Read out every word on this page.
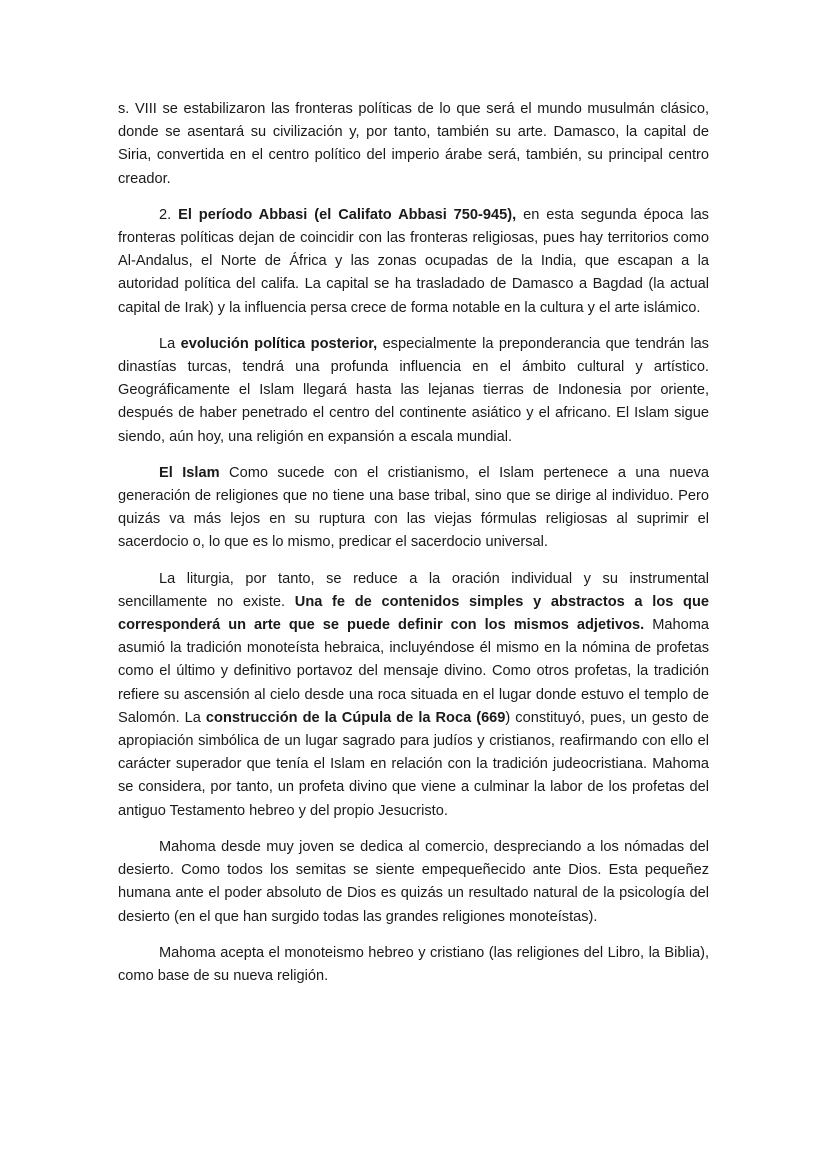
s. VIII se estabilizaron las fronteras políticas de lo que será el mundo musulmán clásico, donde se asentará su civilización y, por tanto, también su arte. Damasco, la capital de Siria, convertida en el centro político del imperio árabe será, también, su principal centro creador.

2. El período Abbasi (el Califato Abbasi 750-945), en esta segunda época las fronteras políticas dejan de coincidir con las fronteras religiosas, pues hay territorios como Al-Andalus, el Norte de África y las zonas ocupadas de la India, que escapan a la autoridad política del califa. La capital se ha trasladado de Damasco a Bagdad (la actual capital de Irak) y la influencia persa crece de forma notable en la cultura y el arte islámico.

La evolución política posterior, especialmente la preponderancia que tendrán las dinastías turcas, tendrá una profunda influencia en el ámbito cultural y artístico. Geográficamente el Islam llegará hasta las lejanas tierras de Indonesia por oriente, después de haber penetrado el centro del continente asiático y el africano. El Islam sigue siendo, aún hoy, una religión en expansión a escala mundial.

El Islam Como sucede con el cristianismo, el Islam pertenece a una nueva generación de religiones que no tiene una base tribal, sino que se dirige al individuo. Pero quizás va más lejos en su ruptura con las viejas fórmulas religiosas al suprimir el sacerdocio o, lo que es lo mismo, predicar el sacerdocio universal.

La liturgia, por tanto, se reduce a la oración individual y su instrumental sencillamente no existe. Una fe de contenidos simples y abstractos a los que corresponderá un arte que se puede definir con los mismos adjetivos. Mahoma asumió la tradición monoteísta hebraica, incluyéndose él mismo en la nómina de profetas como el último y definitivo portavoz del mensaje divino. Como otros profetas, la tradición refiere su ascensión al cielo desde una roca situada en el lugar donde estuvo el templo de Salomón. La construcción de la Cúpula de la Roca (669) constituyó, pues, un gesto de apropiación simbólica de un lugar sagrado para judíos y cristianos, reafirmando con ello el carácter superador que tenía el Islam en relación con la tradición judeocristiana. Mahoma se considera, por tanto, un profeta divino que viene a culminar la labor de los profetas del antiguo Testamento hebreo y del propio Jesucristo.

Mahoma desde muy joven se dedica al comercio, despreciando a los nómadas del desierto. Como todos los semitas se siente empequeñecido ante Dios. Esta pequeñez humana ante el poder absoluto de Dios es quizás un resultado natural de la psicología del desierto (en el que han surgido todas las grandes religiones monoteístas).

Mahoma acepta el monoteismo hebreo y cristiano (las religiones del Libro, la Biblia), como base de su nueva religión.
